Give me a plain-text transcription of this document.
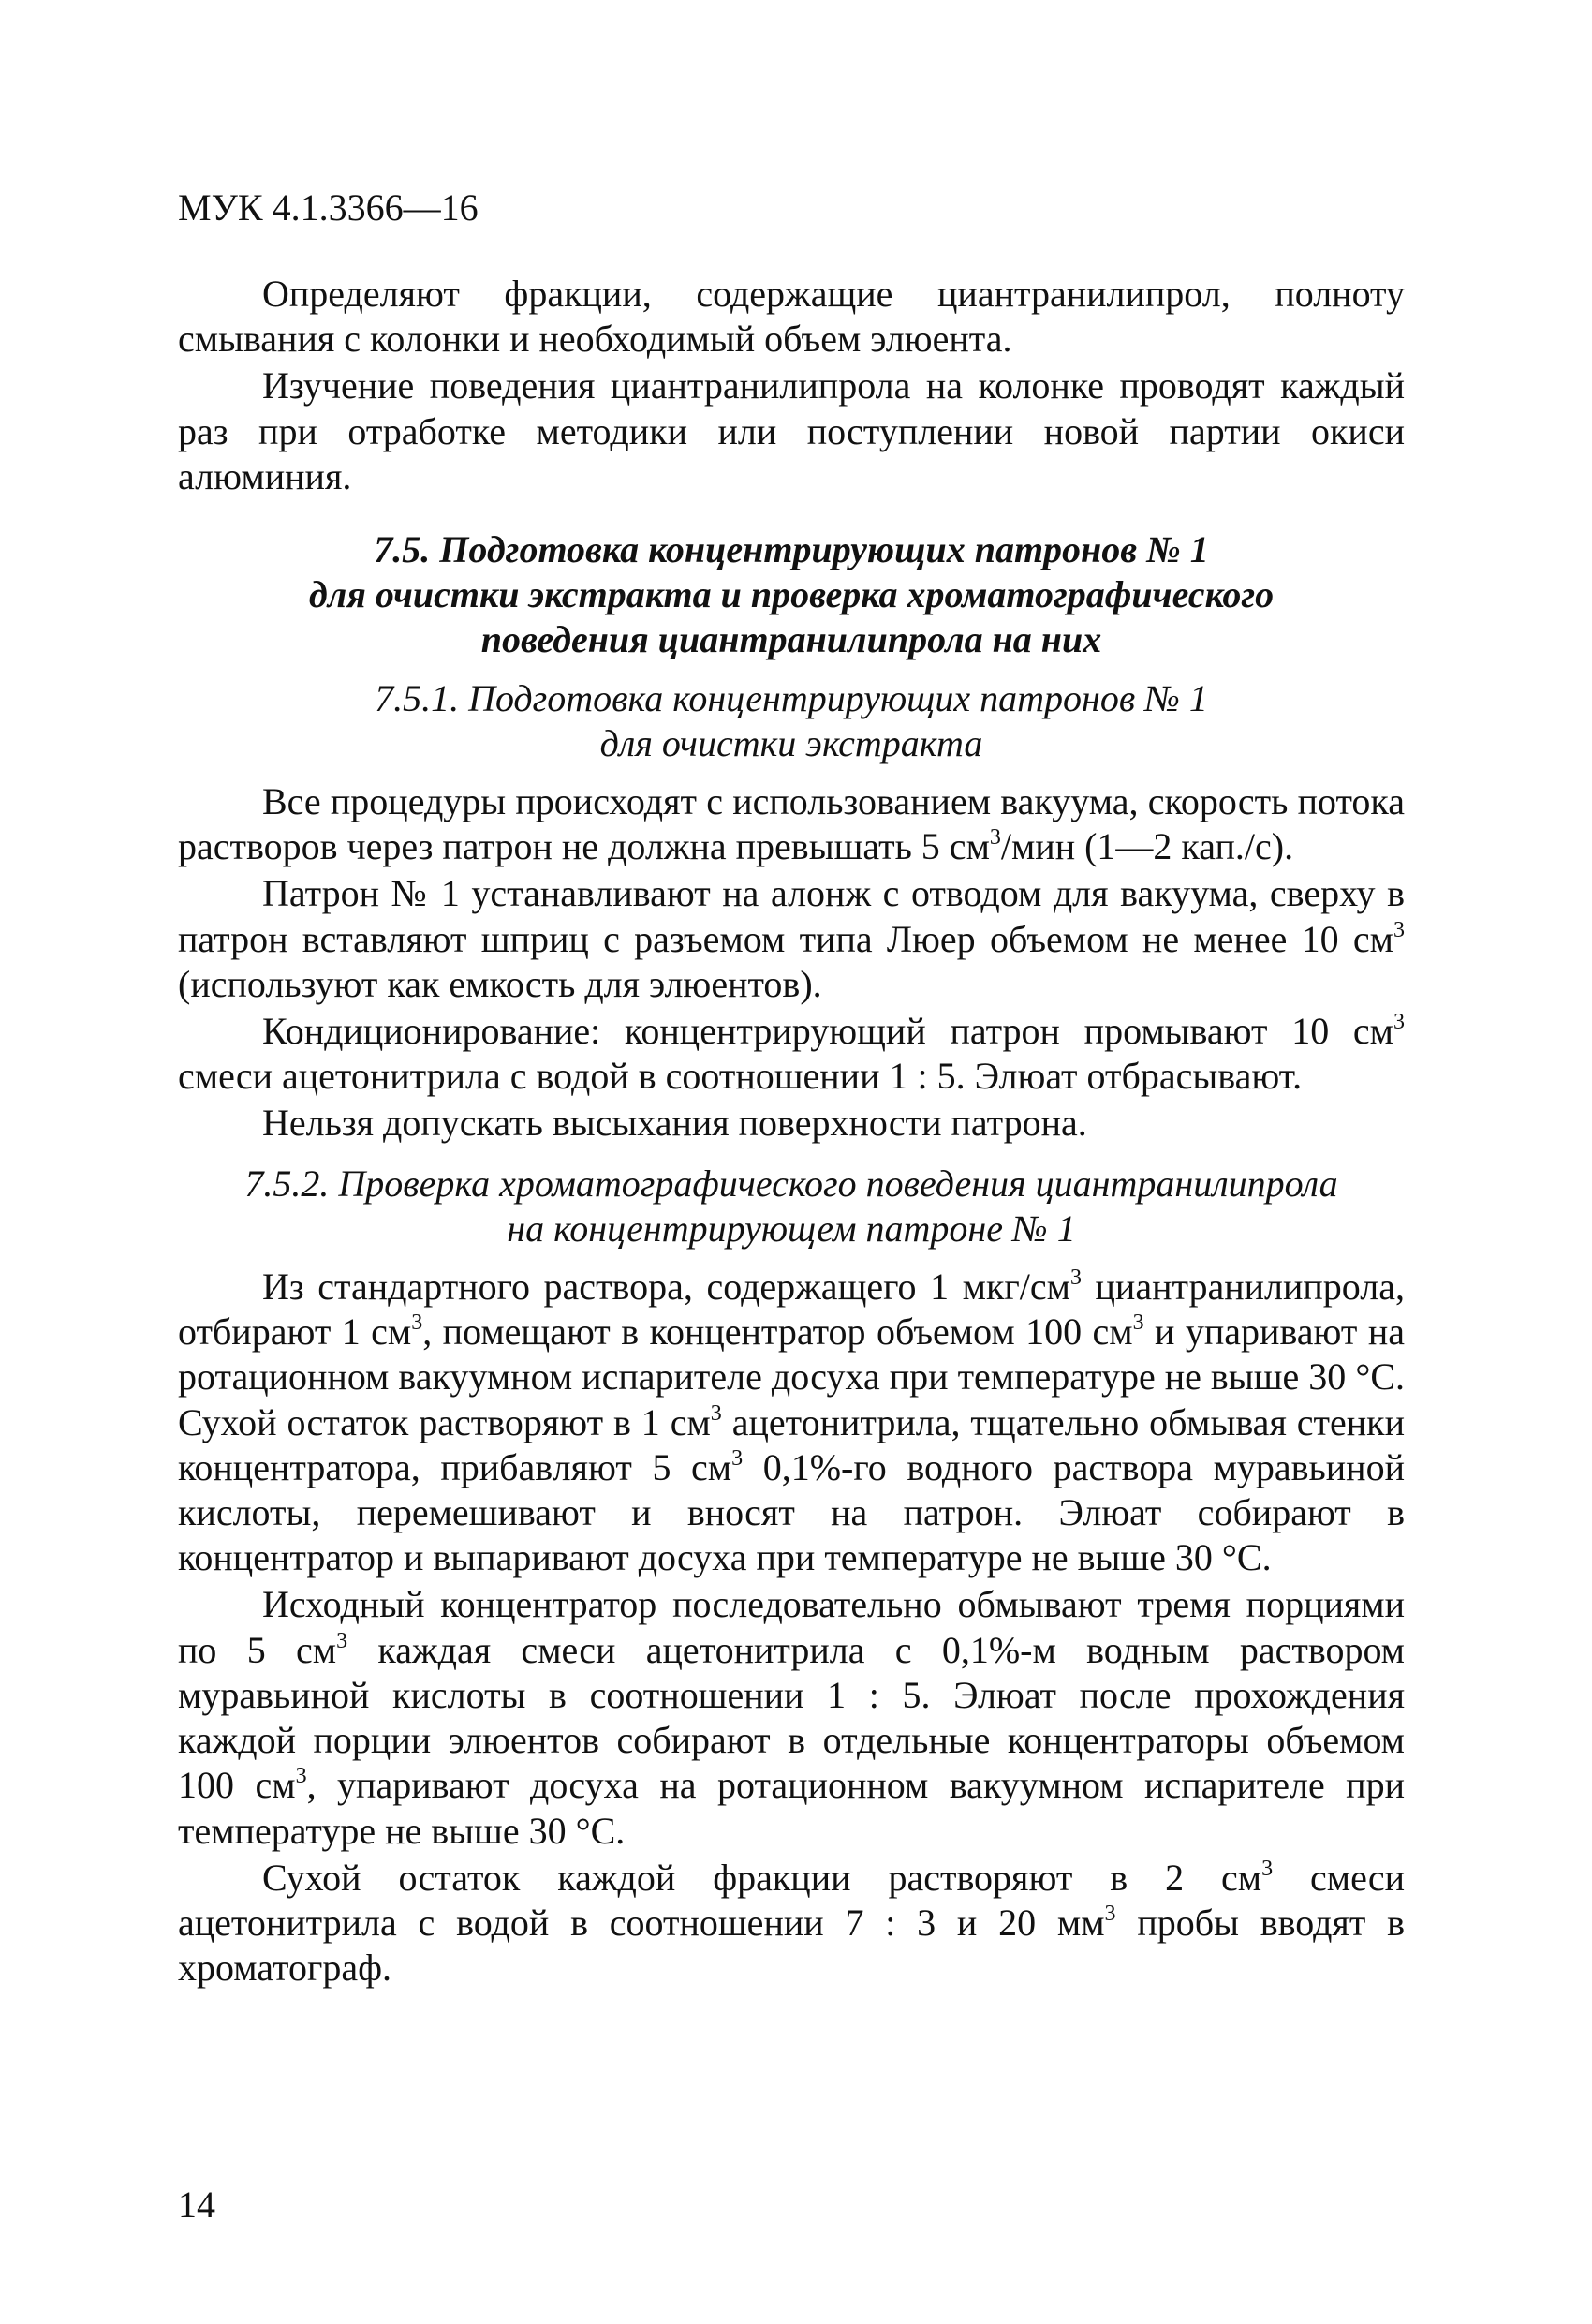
МУК 4.1.3366—16

Определяют фракции, содержащие циантранилипрол, полноту смывания с колонки и необходимый объем элюента.

Изучение поведения циантранилипрола на колонке проводят каждый раз при отработке методики или поступлении новой партии окиси алюминия.

7.5. Подготовка концентрирующих патронов № 1
для очистки экстракта и проверка хроматографического
поведения циантранилипрола на них
7.5.1. Подготовка концентрирующих патронов № 1
для очистки экстракта

Все процедуры происходят с использованием вакуума, скорость потока растворов через патрон не должна превышать 5 $см^3$/мин (1—2 кап./с).

Патрон № 1 устанавливают на алонж с отводом для вакуума, сверху в патрон вставляют шприц с разъемом типа Люер объемом не менее 10 $см^3$ (используют как емкость для элюентов).

Кондиционирование: концентрирующий патрон промывают 10 $см^3$ смеси ацетонитрила с водой в соотношении 1 : 5. Элюат отбрасывают.

Нельзя допускать высыхания поверхности патрона.

7.5.2. Проверка хроматографического поведения циантранилипрола
на концентрирующем патроне № 1

Из стандартного раствора, содержащего 1 мкг/$см^3$ циантранилипрола, отбирают 1 $см^3$, помещают в концентратор объемом 100 $см^3$ и упаривают на ротационном вакуумном испарителе досуха при температуре не выше 30 °С. Сухой остаток растворяют в 1 $см^3$ ацетонитрила, тщательно обмывая стенки концентратора, прибавляют 5 $см^3$ 0,1%-го водного раствора муравьиной кислоты, перемешивают и вносят на патрон. Элюат собирают в концентратор и выпаривают досуха при температуре не выше 30 °С.

Исходный концентратор последовательно обмывают тремя порциями по 5 $см^3$ каждая смеси ацетонитрила с 0,1%-м водным раствором муравьиной кислоты в соотношении 1 : 5. Элюат после прохождения каждой порции элюентов собирают в отдельные концентраторы объемом 100 $см^3$, упаривают досуха на ротационном вакуумном испарителе при температуре не выше 30 °С.

Сухой остаток каждой фракции растворяют в 2 $см^3$ смеси ацетонитрила с водой в соотношении 7 : 3 и 20 $мм^3$ пробы вводят в хроматограф.

14
